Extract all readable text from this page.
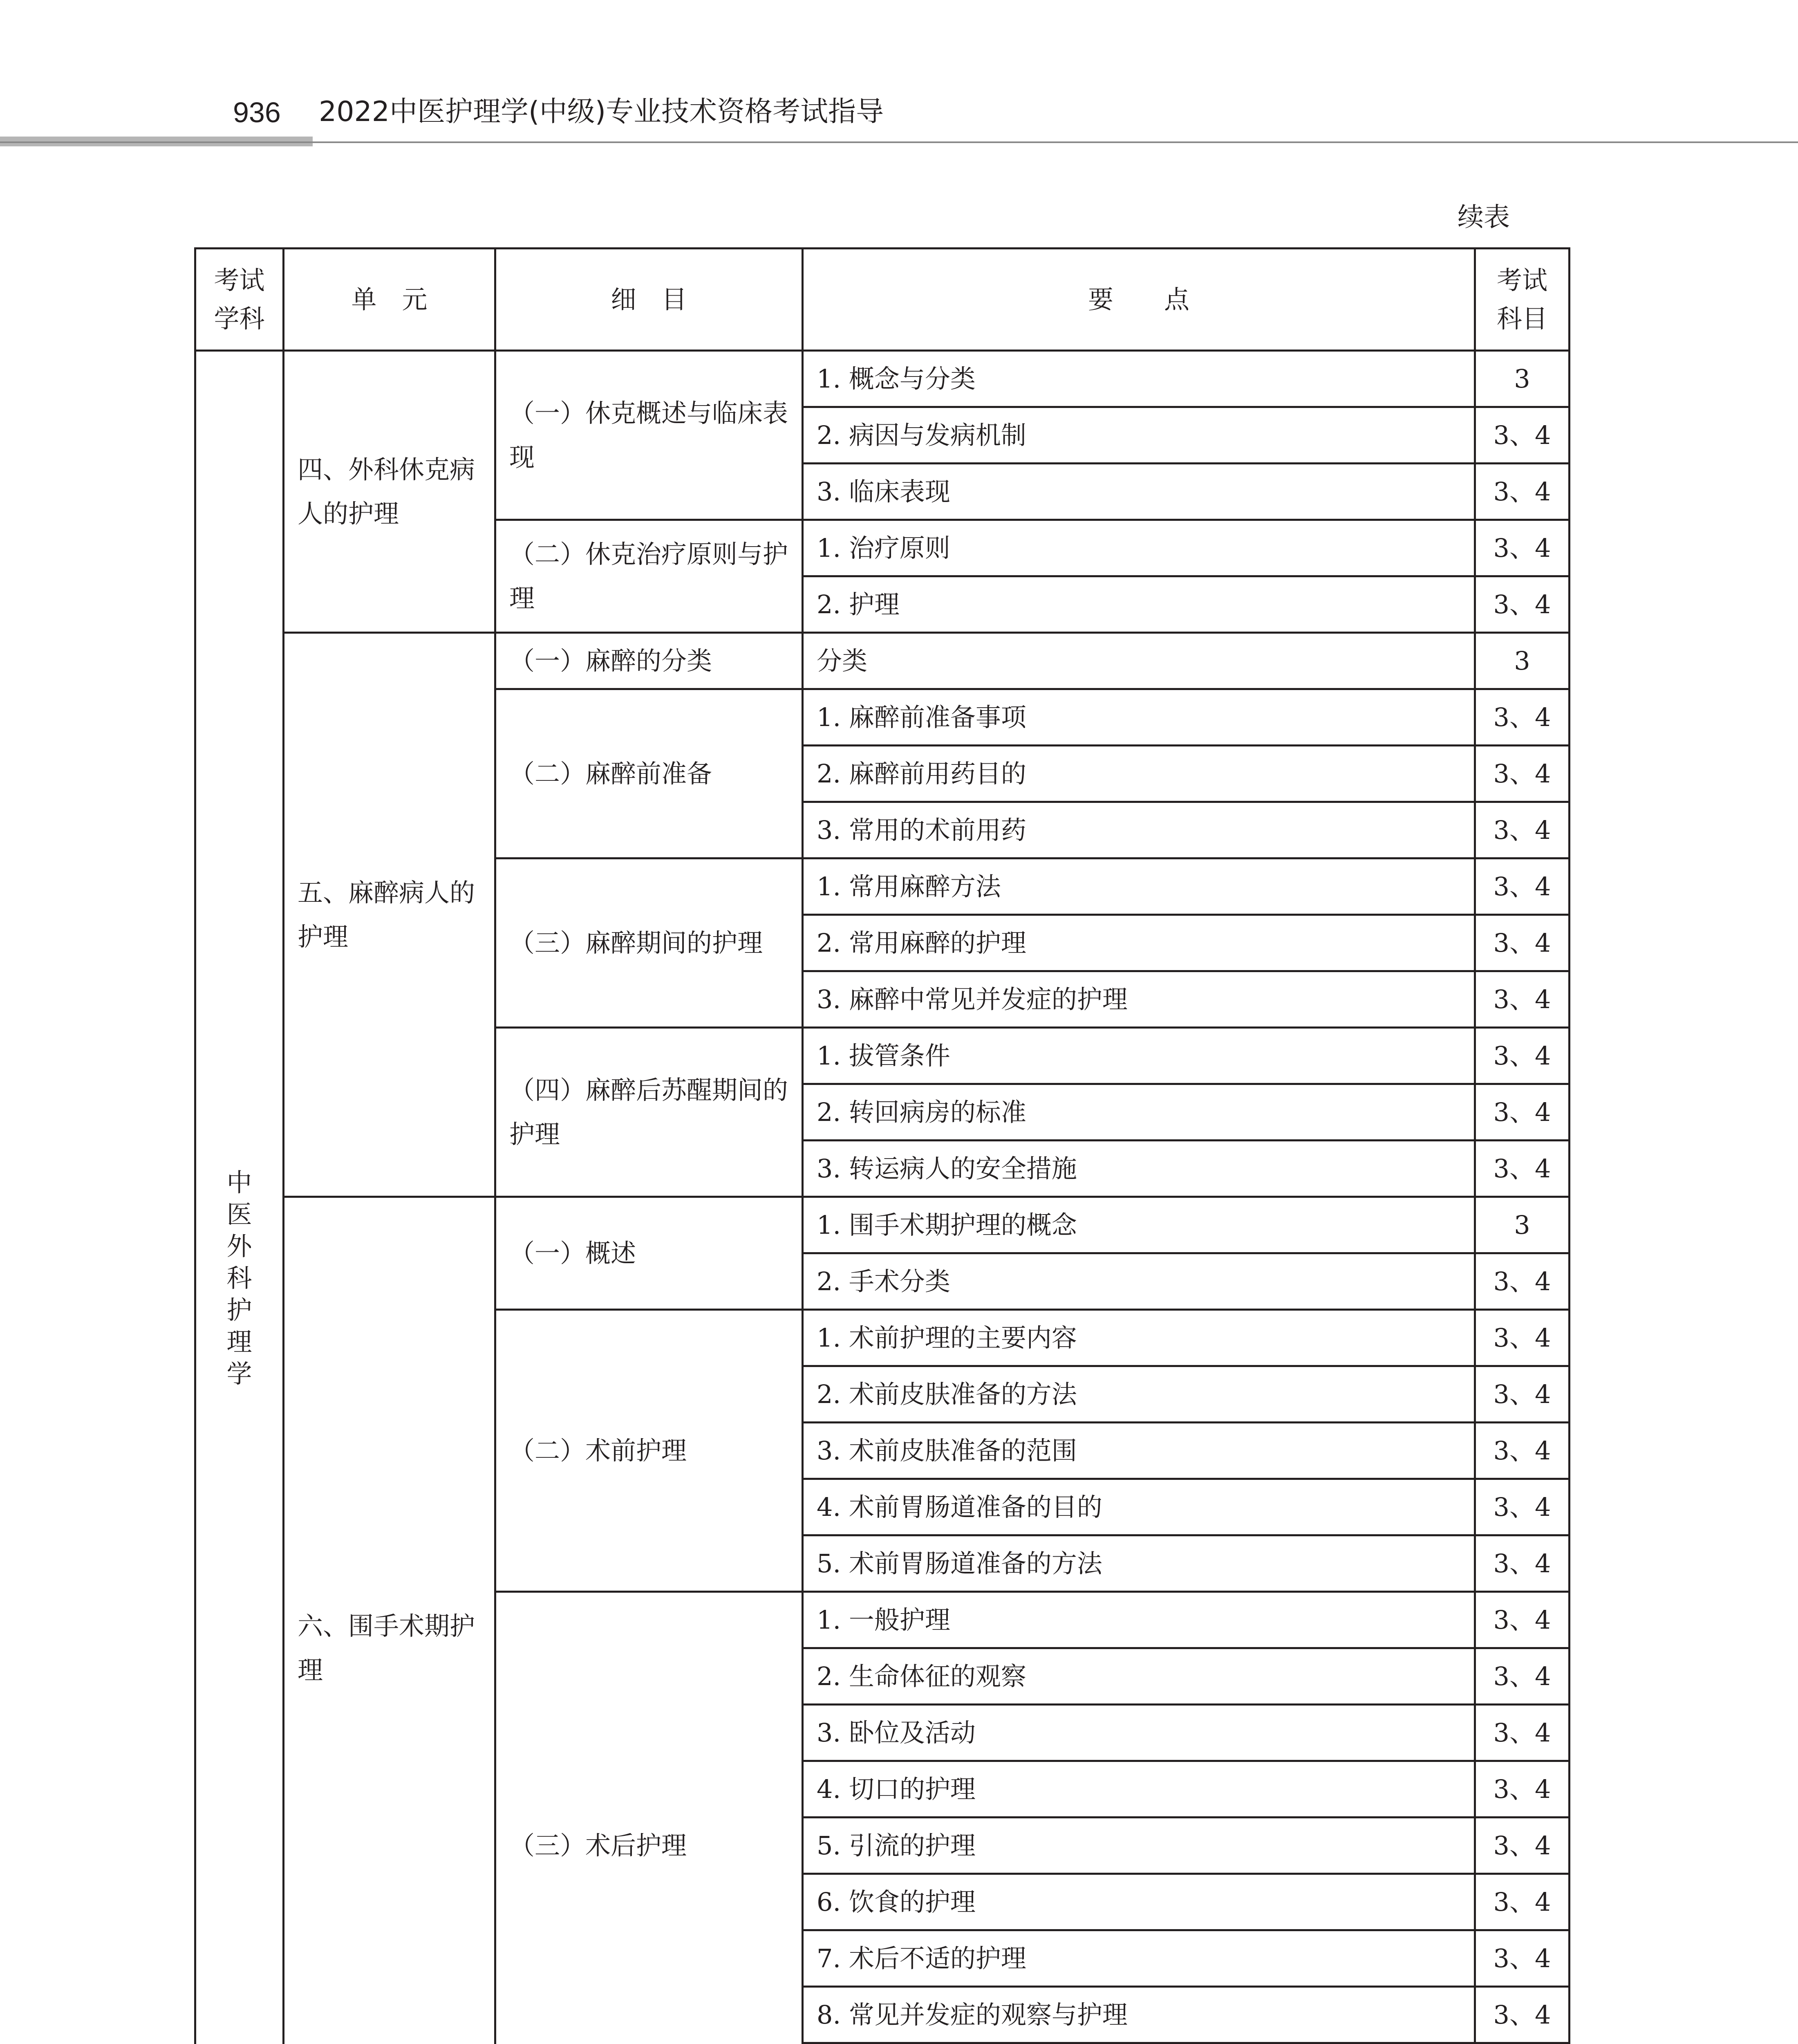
936 2022中医护理学(中级)专业技术资格考试指导
续表
考试学科	单　元	细　目	要　　点	考试科目
中医外科护理学	四、外科休克病人的护理	（一）休克概述与临床表现	1. 概念与分类	3
			2. 病因与发病机制	3、4
			3. 临床表现	3、4
		（二）休克治疗原则与护理	1. 治疗原则	3、4
			2. 护理	3、4
	五、麻醉病人的护理	（一）麻醉的分类	分类	3
		（二）麻醉前准备	1. 麻醉前准备事项	3、4
			2. 麻醉前用药目的	3、4
			3. 常用的术前用药	3、4
		（三）麻醉期间的护理	1. 常用麻醉方法	3、4
			2. 常用麻醉的护理	3、4
			3. 麻醉中常见并发症的护理	3、4
		（四）麻醉后苏醒期间的护理	1. 拔管条件	3、4
			2. 转回病房的标准	3、4
			3. 转运病人的安全措施	3、4
	六、围手术期护理	（一）概述	1. 围手术期护理的概念	3
			2. 手术分类	3、4
		（二）术前护理	1. 术前护理的主要内容	3、4
			2. 术前皮肤准备的方法	3、4
			3. 术前皮肤准备的范围	3、4
			4. 术前胃肠道准备的目的	3、4
			5. 术前胃肠道准备的方法	3、4
		（三）术后护理	1. 一般护理	3、4
			2. 生命体征的观察	3、4
			3. 卧位及活动	3、4
			4. 切口的护理	3、4
			5. 引流的护理	3、4
			6. 饮食的护理	3、4
			7. 术后不适的护理	3、4
			8. 常见并发症的观察与护理	3、4
